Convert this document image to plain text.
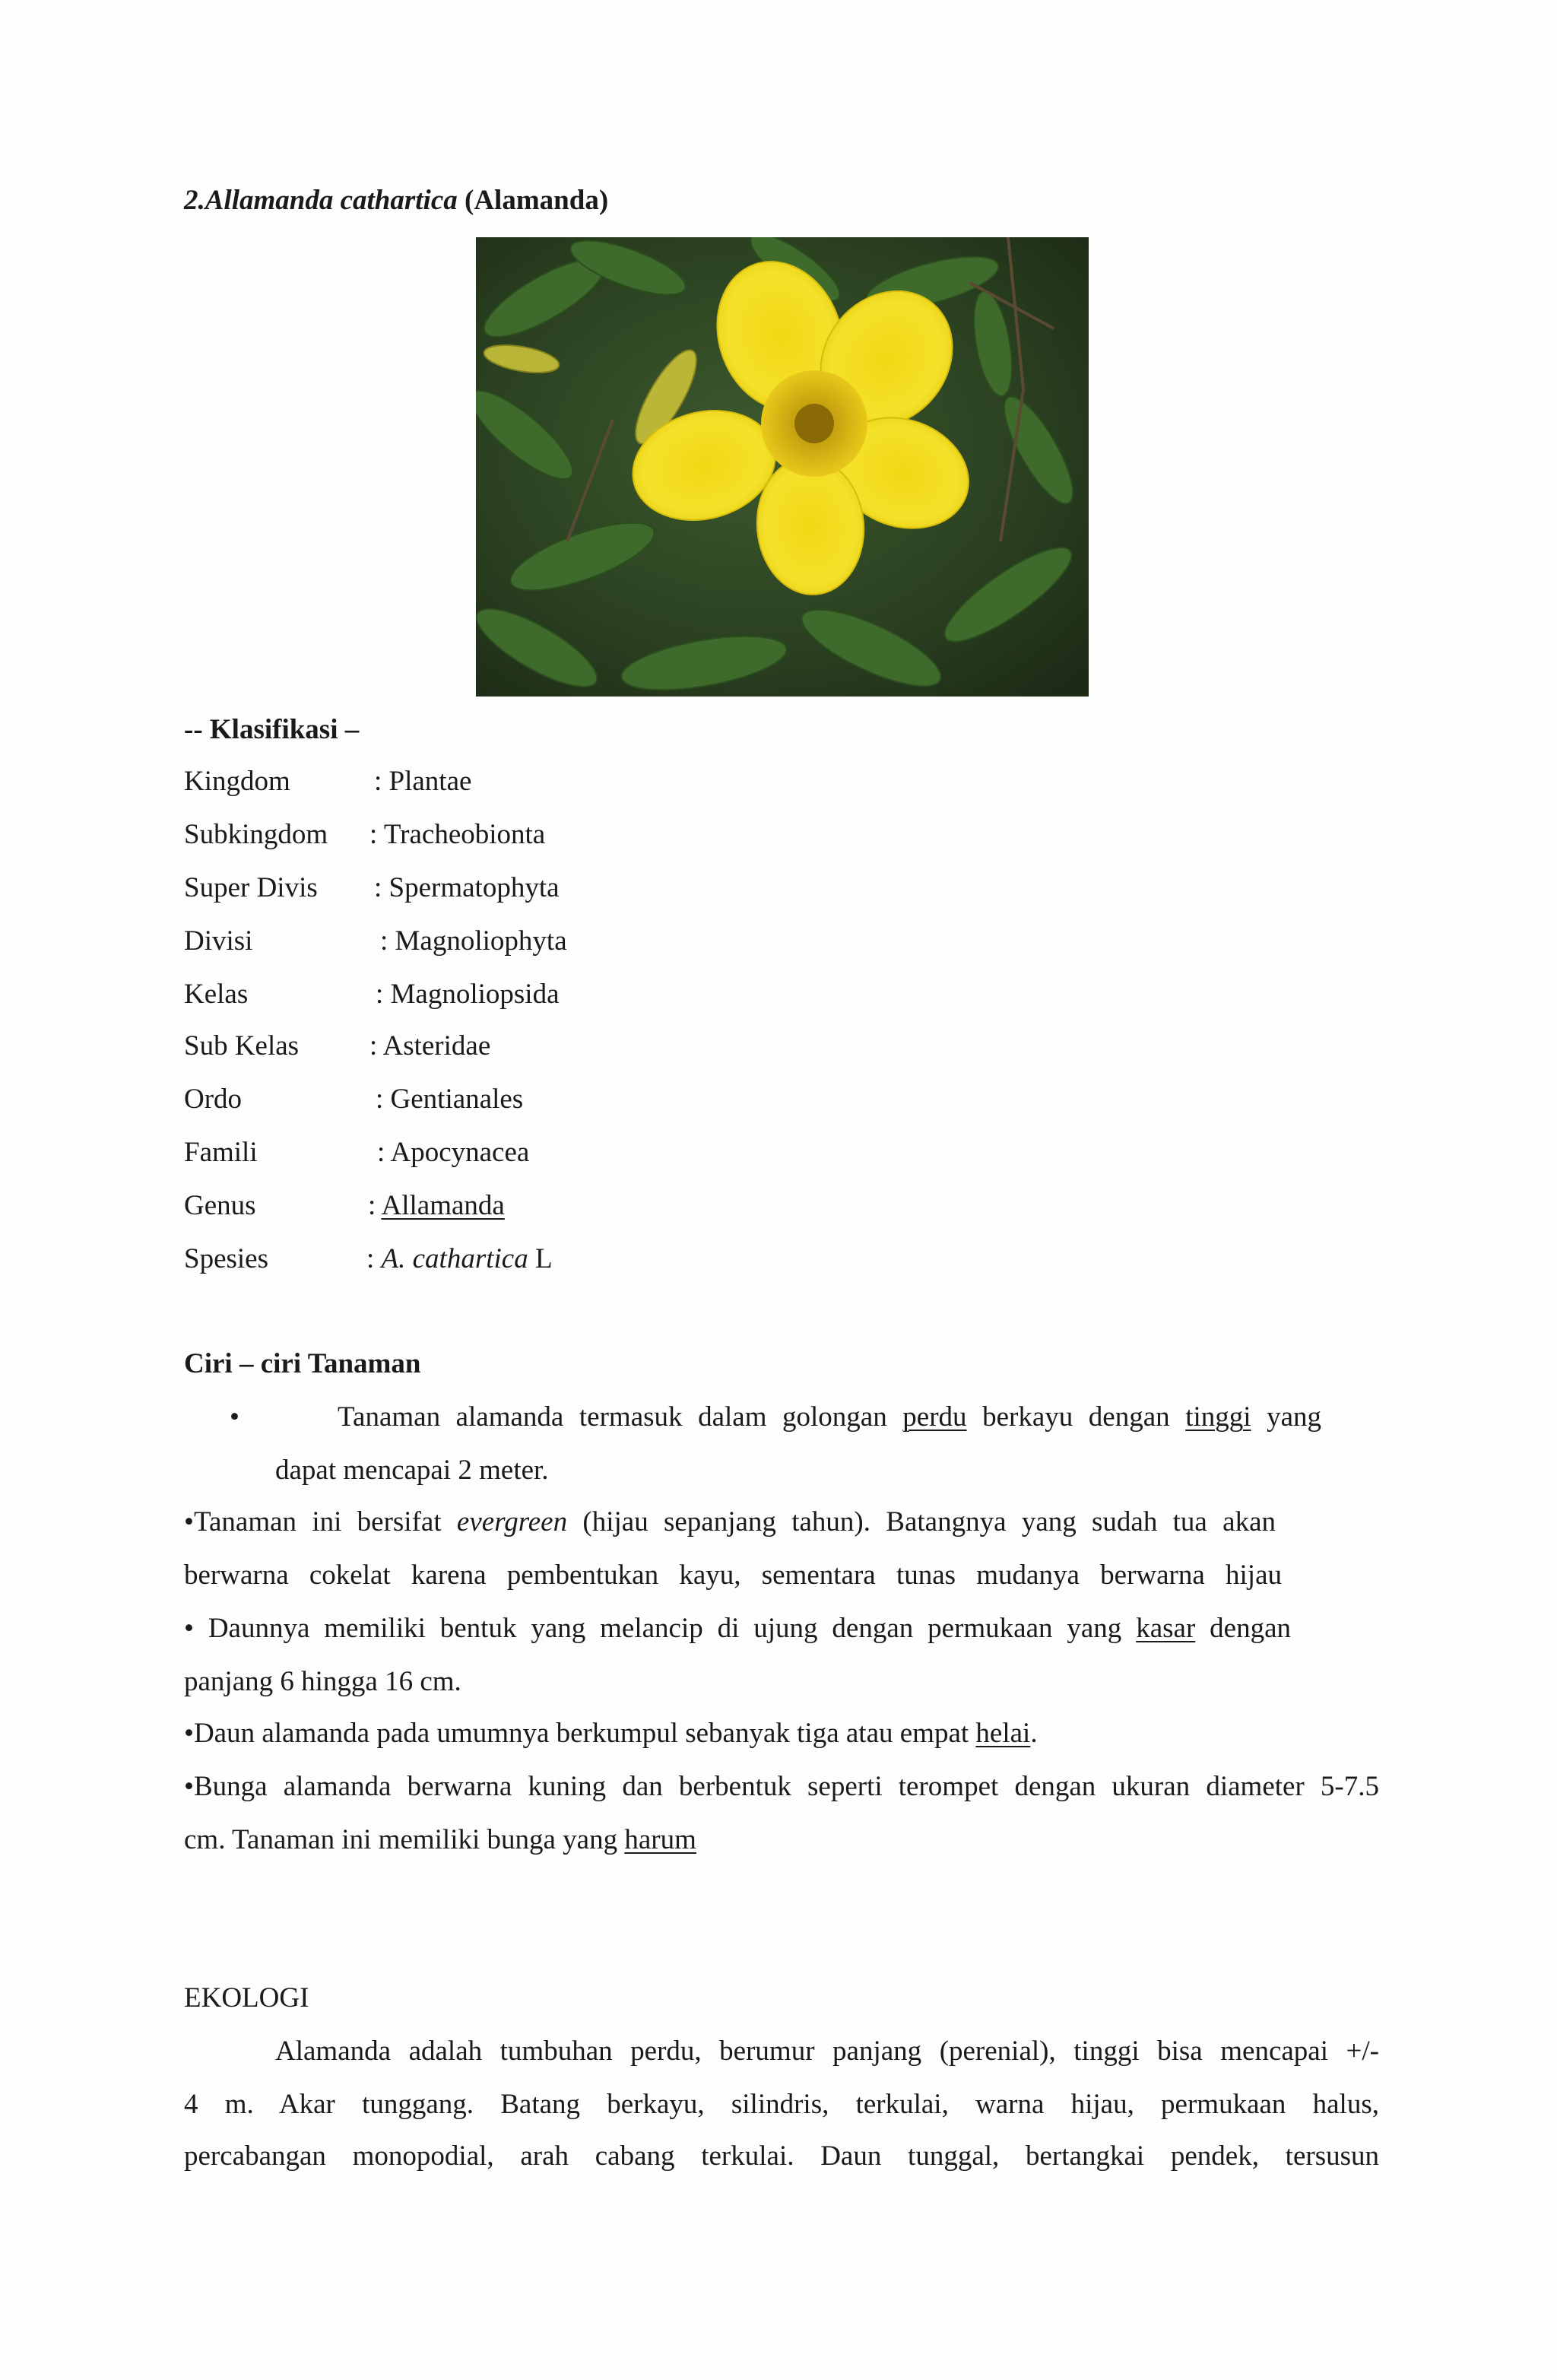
2.Allamanda cathartica (Alamanda)
-- Klasifikasi –
Kingdom	: Plantae
Subkingdom : Tracheobionta
Super Divis : Spermatophyta
Divisi	: Magnoliophyta
Kelas	: Magnoliopsida
Sub Kelas	: Asteridae
Ordo	: Gentianales
Famili	: Apocynacea
Genus	: Allamanda
Spesies	: A. cathartica L
Ciri – ciri Tanaman
•	Tanaman alamanda termasuk dalam golongan perdu berkayu dengan tinggi yang
dapat mencapai 2 meter.
•Tanaman ini bersifat evergreen (hijau sepanjang tahun). Batangnya yang sudah tua akan
berwarna cokelat karena pembentukan kayu, sementara tunas mudanya berwarna hijau
• Daunnya memiliki bentuk yang melancip di ujung dengan permukaan yang kasar dengan
panjang 6 hingga 16 cm.
•Daun alamanda pada umumnya berkumpul sebanyak tiga atau empat helai.
•Bunga alamanda berwarna kuning dan berbentuk seperti terompet dengan ukuran diameter 5-7.5
cm. Tanaman ini memiliki bunga yang harum
EKOLOGI
Alamanda adalah tumbuhan perdu, berumur panjang (perenial), tinggi bisa mencapai +/-
4 m. Akar tunggang. Batang berkayu, silindris, terkulai, warna hijau, permukaan halus,
percabangan monopodial, arah cabang terkulai. Daun tunggal, bertangkai pendek, tersusun
